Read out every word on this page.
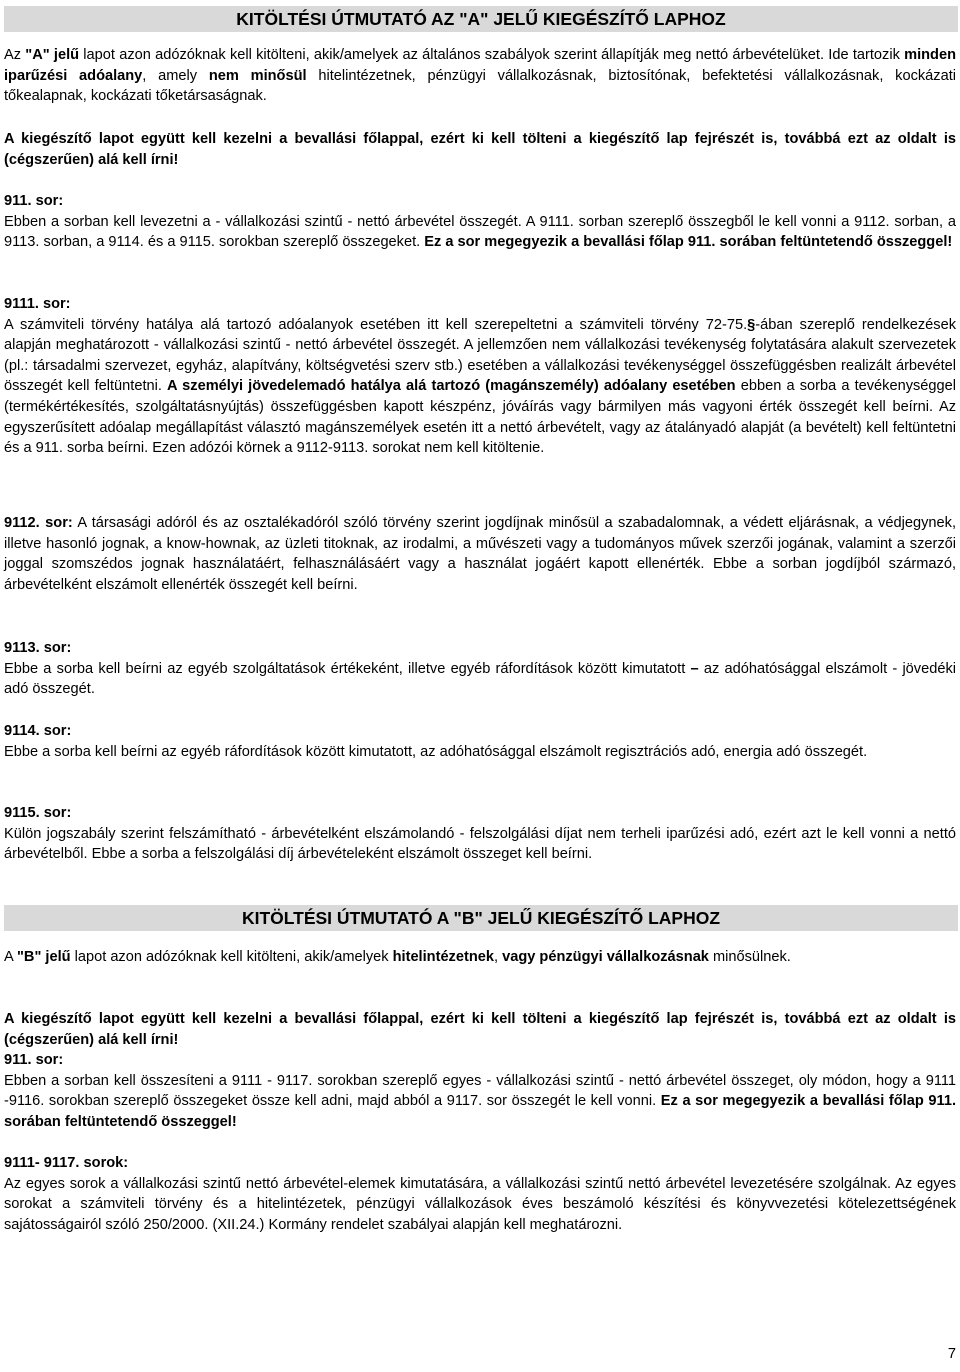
KITÖLTÉSI ÚTMUTATÓ AZ "A" JELŰ KIEGÉSZÍTŐ LAPHOZ

Az "A" jelű lapot azon adózóknak kell kitölteni, akik/amelyek az általános szabályok szerint állapítják meg nettó árbevételüket. Ide tartozik minden iparűzési adóalany, amely nem minősül hitelintézetnek, pénzügyi vállalkozásnak, biztosítónak, befektetési vállalkozásnak, kockázati tőkealapnak, kockázati tőketársaságnak.

A kiegészítő lapot együtt kell kezelni a bevallási főlappal, ezért ki kell tölteni a kiegészítő lap fejrészét is, továbbá ezt az oldalt is (cégszerűen) alá kell írni!

911. sor:

Ebben a sorban kell levezetni a - vállalkozási szintű - nettó árbevétel összegét. A 9111. sorban szereplő összegből le kell vonni a 9112. sorban, a 9113. sorban, a 9114. és a 9115. sorokban szereplő összegeket. Ez a sor megegyezik a bevallási főlap 911. sorában feltüntetendő összeggel!

9111. sor:

A számviteli törvény hatálya alá tartozó adóalanyok esetében itt kell szerepeltetni a számviteli törvény 72-75.§-ában szereplő rendelkezések alapján meghatározott - vállalkozási szintű - nettó árbevétel összegét. A jellemzően nem vállalkozási tevékenység folytatására alakult szervezetek (pl.: társadalmi szervezet, egyház, alapítvány, költségvetési szerv stb.) esetében a vállalkozási tevékenységgel összefüggésben realizált árbevétel összegét kell feltüntetni. A személyi jövedelemadó hatálya alá tartozó (magánszemély) adóalany esetében ebben a sorba a tevékenységgel (termékértékesítés, szolgáltatásnyújtás) összefüggésben kapott készpénz, jóváírás vagy bármilyen más vagyoni érték összegét kell beírni. Az egyszerűsített adóalap megállapítást választó magánszemélyek esetén itt a nettó árbevételt, vagy az átalányadó alapját (a bevételt) kell feltüntetni és a 911. sorba beírni. Ezen adózói körnek a 9112-9113. sorokat nem kell kitöltenie.

9112. sor: A társasági adóról és az osztalékadóról szóló törvény szerint jogdíjnak minősül a szabadalomnak, a védett eljárásnak, a védjegynek, illetve hasonló jognak, a know-hownak, az üzleti titoknak, az irodalmi, a művészeti vagy a tudományos művek szerzői jogának, valamint a szerzői joggal szomszédos jognak használatáért, felhasználásáért vagy a használat jogáért kapott ellenérték. Ebbe a sorban jogdíjból származó, árbevételként elszámolt ellenérték összegét kell beírni.

9113. sor:

Ebbe a sorba kell beírni az egyéb szolgáltatások értékeként, illetve egyéb ráfordítások között kimutatott – az adóhatósággal elszámolt - jövedéki adó összegét.

9114. sor:

Ebbe a sorba kell beírni az egyéb ráfordítások között kimutatott, az adóhatósággal elszámolt regisztrációs adó, energia adó összegét.

9115. sor:

Külön jogszabály szerint felszámítható - árbevételként elszámolandó - felszolgálási díjat nem terheli iparűzési adó, ezért azt le kell vonni a nettó árbevételből. Ebbe a sorba a felszolgálási díj árbevételeként elszámolt összeget kell beírni.

KITÖLTÉSI ÚTMUTATÓ A "B" JELŰ KIEGÉSZÍTŐ LAPHOZ

A "B" jelű lapot azon adózóknak kell kitölteni, akik/amelyek hitelintézetnek, vagy pénzügyi vállalkozásnak minősülnek.

A kiegészítő lapot együtt kell kezelni a bevallási főlappal, ezért ki kell tölteni a kiegészítő lap fejrészét is, továbbá ezt az oldalt is (cégszerűen) alá kell írni!

911. sor:

Ebben a sorban kell összesíteni a 9111 - 9117. sorokban szereplő egyes - vállalkozási szintű - nettó árbevétel összeget, oly módon, hogy a 9111 -9116. sorokban szereplő összegeket össze kell adni, majd abból a 9117. sor összegét le kell vonni. Ez a sor megegyezik a bevallási főlap 911. sorában feltüntetendő összeggel!

9111- 9117. sorok:

Az egyes sorok a vállalkozási szintű nettó árbevétel-elemek kimutatására, a vállalkozási szintű nettó árbevétel levezetésére szolgálnak. Az egyes sorokat a számviteli törvény és a hitelintézetek, pénzügyi vállalkozások éves beszámoló készítési és könyvvezetési kötelezettségének sajátosságairól szóló 250/2000. (XII.24.) Kormány rendelet szabályai alapján kell meghatározni.

7
